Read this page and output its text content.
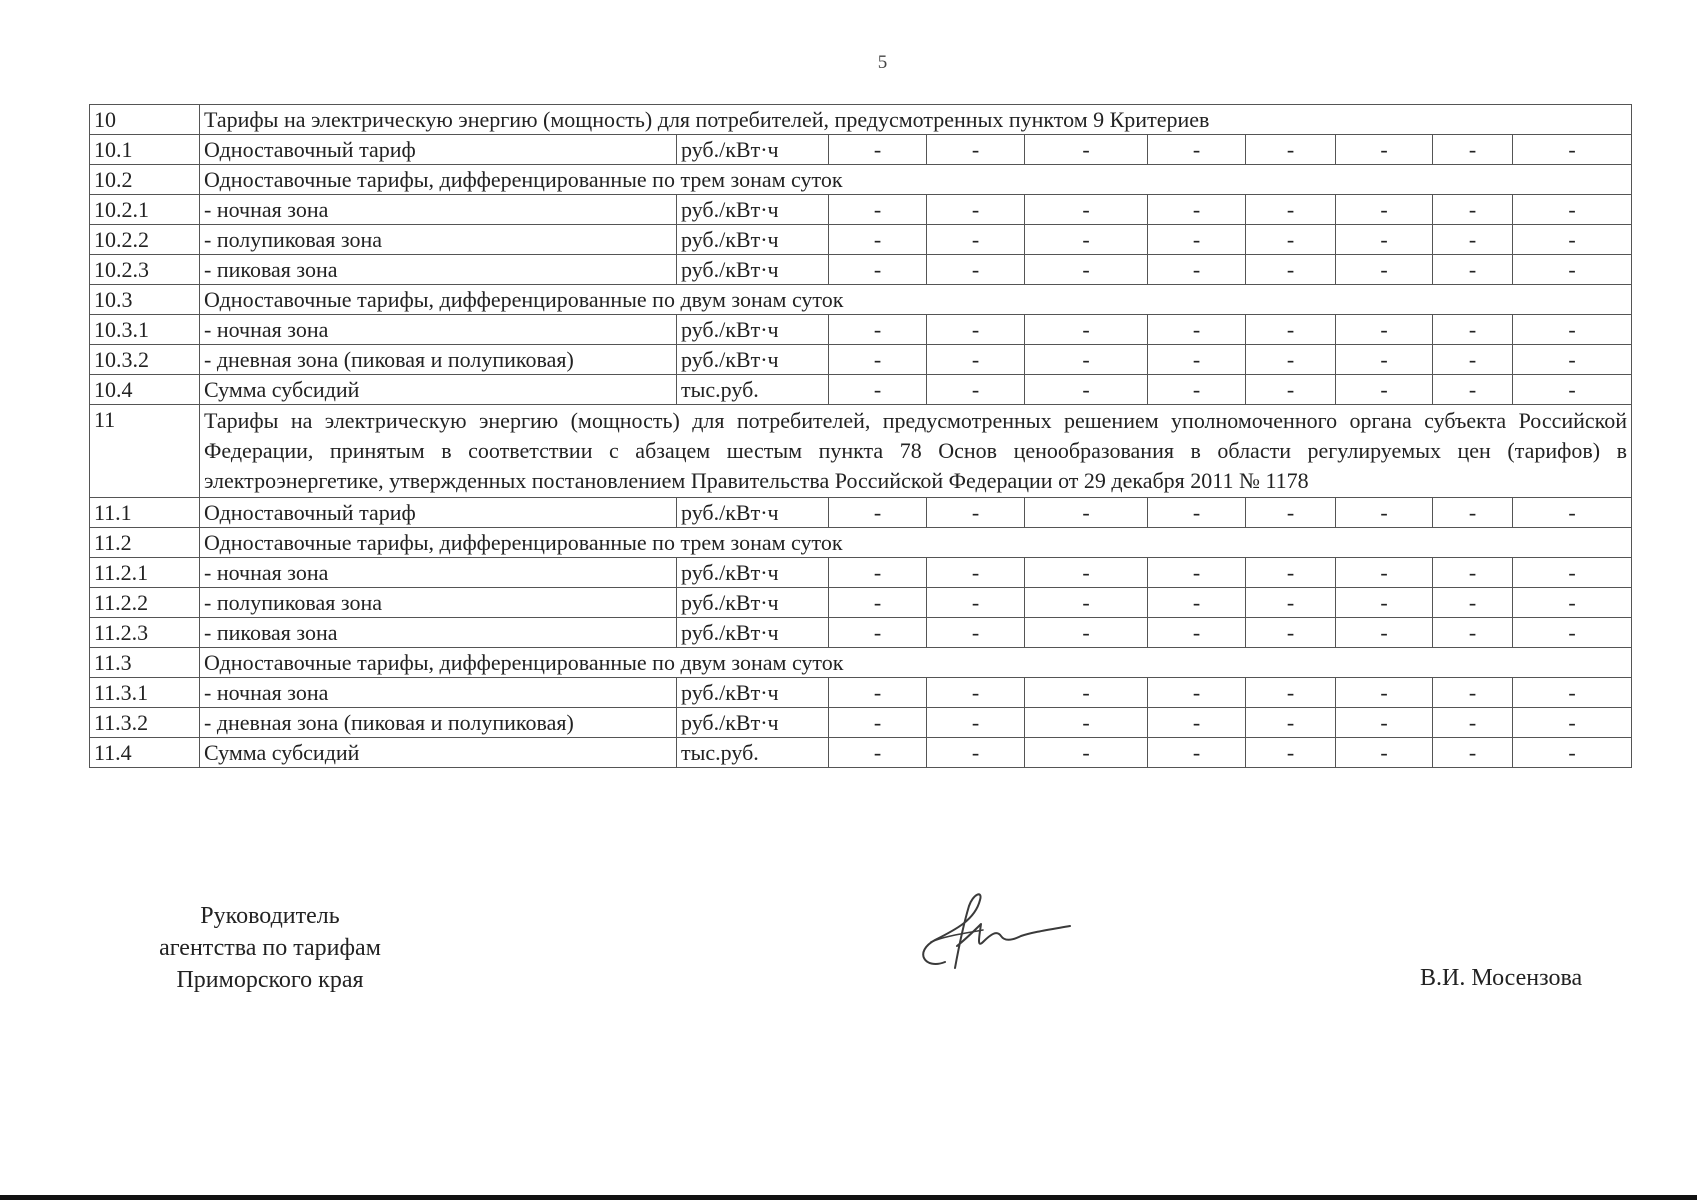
5
10	Тарифы на электрическую энергию (мощность) для потребителей, предусмотренных пунктом 9 Критериев									
10.1	Одноставочный тариф	руб./кВт·ч	-	-	-	-	-	-	-	-
10.2	Одноставочные тарифы, дифференцированные по трем зонам суток									
10.2.1	- ночная зона	руб./кВт·ч	-	-	-	-	-	-	-	-
10.2.2	- полупиковая зона	руб./кВт·ч	-	-	-	-	-	-	-	-
10.2.3	- пиковая зона	руб./кВт·ч	-	-	-	-	-	-	-	-
10.3	Одноставочные тарифы, дифференцированные по двум зонам суток									
10.3.1	- ночная зона	руб./кВт·ч	-	-	-	-	-	-	-	-
10.3.2	- дневная зона (пиковая и полупиковая)	руб./кВт·ч	-	-	-	-	-	-	-	-
10.4	Сумма субсидий	тыс.руб.	-	-	-	-	-	-	-	-
11	Тарифы на электрическую энергию (мощность) для потребителей, предусмотренных решением уполномоченного органа субъекта Российской Федерации, принятым в соответствии с абзацем шестым пункта 78 Основ ценообразования в области регулируемых цен (тарифов) в электроэнергетике, утвержденных постановлением Правительства Российской Федерации от 29 декабря 2011 № 1178									
11.1	Одноставочный тариф	руб./кВт·ч	-	-	-	-	-	-	-	-
11.2	Одноставочные тарифы, дифференцированные по трем зонам суток									
11.2.1	- ночная зона	руб./кВт·ч	-	-	-	-	-	-	-	-
11.2.2	- полупиковая зона	руб./кВт·ч	-	-	-	-	-	-	-	-
11.2.3	- пиковая зона	руб./кВт·ч	-	-	-	-	-	-	-	-
11.3	Одноставочные тарифы, дифференцированные по двум зонам суток									
11.3.1	- ночная зона	руб./кВт·ч	-	-	-	-	-	-	-	-
11.3.2	- дневная зона (пиковая и полупиковая)	руб./кВт·ч	-	-	-	-	-	-	-	-
11.4	Сумма субсидий	тыс.руб.	-	-	-	-	-	-	-	-
Руководитель
агентства по тарифам
Приморского края	В.И. Мосензова
